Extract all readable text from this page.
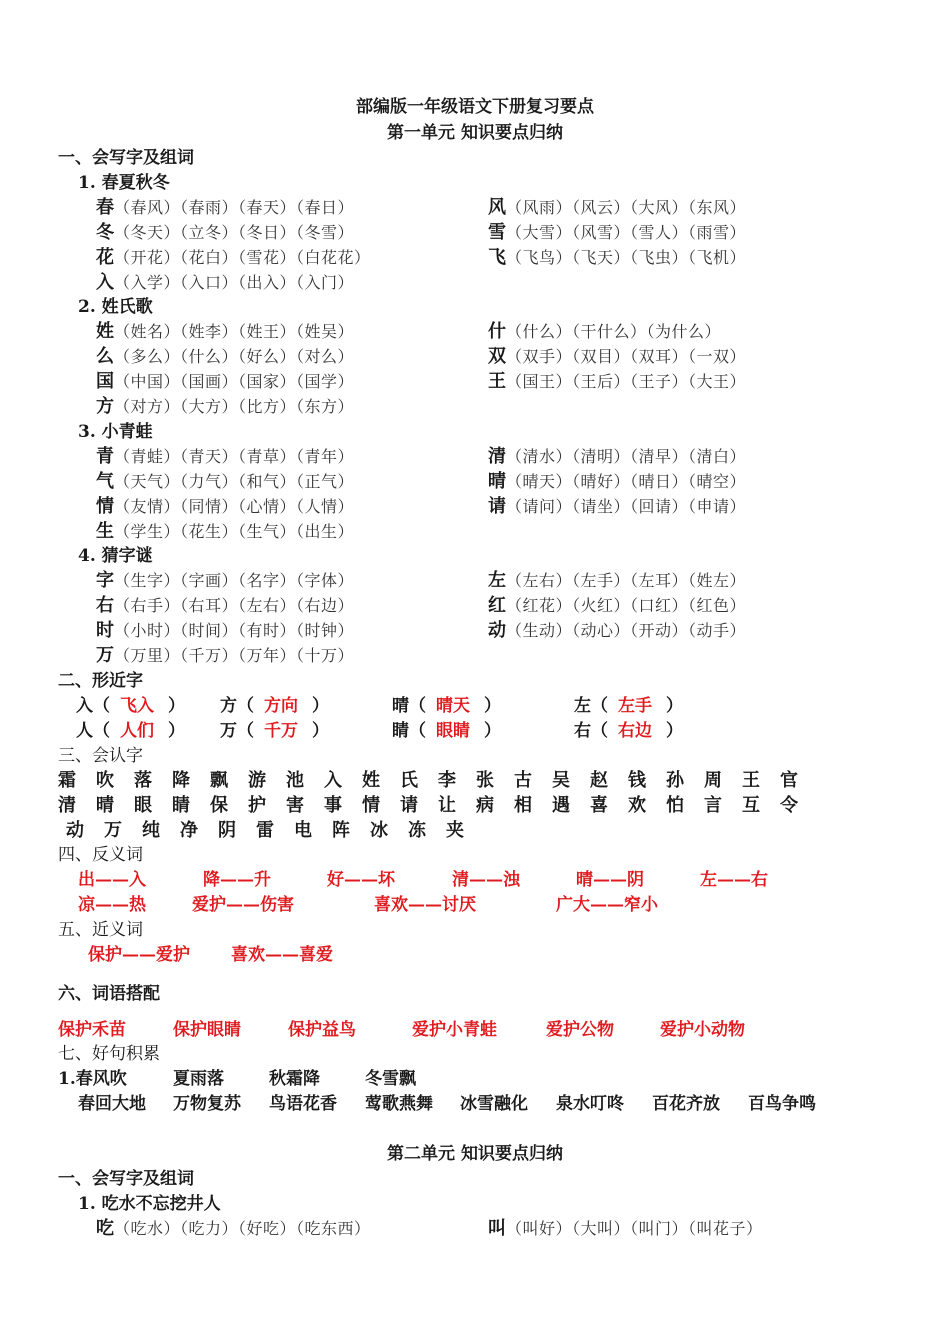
部编版一年级语文下册复习要点
第一单元 知识要点归纳
一、会写字及组词
1. 春夏秋冬
春（春风）（春雨）（春天）（春日）	风（风雨）（风云）（大风）（东风）
冬（冬天）（立冬）（冬日）（冬雪）	雪（大雪）（风雪）（雪人）（雨雪）
花（开花）（花白）（雪花）（白花花）	飞（飞鸟）（飞天）（飞虫）（飞机）
入（入学）（入口）（出入）（入门）
2. 姓氏歌
姓（姓名）（姓李）（姓王）（姓吴）	什（什么）（干什么）（为什么）
么（多么）（什么）（好么）（对么）	双（双手）（双目）（双耳）（一双）
国（中国）（国画）（国家）（国学）	王（国王）（王后）（王子）（大王）
方（对方）（大方）（比方）（东方）
3. 小青蛙
青（青蛙）（青天）（青草）（青年）	清（清水）（清明）（清早）（清白）
气（天气）（力气）（和气）（正气）	晴（晴天）（晴好）（晴日）（晴空）
情（友情）（同情）（心情）（人情）	请（请问）（请坐）（回请）（申请）
生（学生）（花生）（生气）（出生）
4. 猜字谜
字（生字）（字画）（名字）（字体）	左（左右）（左手）（左耳）（姓左）
右（右手）（右耳）（左右）（右边）	红（红花）（火红）（口红）（红色）
时（小时）（时间）（有时）（时钟）	动（生动）（动心）（开动）（动手）
万（万里）（千万）（万年）（十万）
二、形近字
入（ 飞入 ） 方（ 方向 ）	晴（ 晴天 ）	左（ 左手 ）
人（ 人们 ） 万（ 千万 ）	睛（ 眼睛 ）	右（ 右边 ）
三、会认字
霜 吹 落 降 飘 游 池 入 姓 氏 李 张 古 吴 赵 钱 孙 周 王 官
清 晴 眼 睛 保 护 害 事 情 请 让 病 相 遇 喜 欢 怕 言 互 令
动 万 纯 净 阴 雷 电 阵 冰 冻 夹
四、反义词
出——入	降——升	好——坏	清——浊	晴——阴	左——右
凉——热	爱护——伤害	喜欢——讨厌	广大——窄小
五、近义词
保护——爱护 喜欢——喜爱
六、词语搭配
保护禾苗	保护眼睛	保护益鸟	爱护小青蛙	爱护公物	爱护小动物
七、好句积累
1.春风吹	夏雨落	秋霜降	冬雪飘
春回大地 万物复苏 鸟语花香 莺歌燕舞 冰雪融化 泉水叮咚 百花齐放 百鸟争鸣
第二单元 知识要点归纳
一、会写字及组词
1. 吃水不忘挖井人
吃（吃水）（吃力）（好吃）（吃东西）	叫（叫好）（大叫）（叫门）（叫花子）
